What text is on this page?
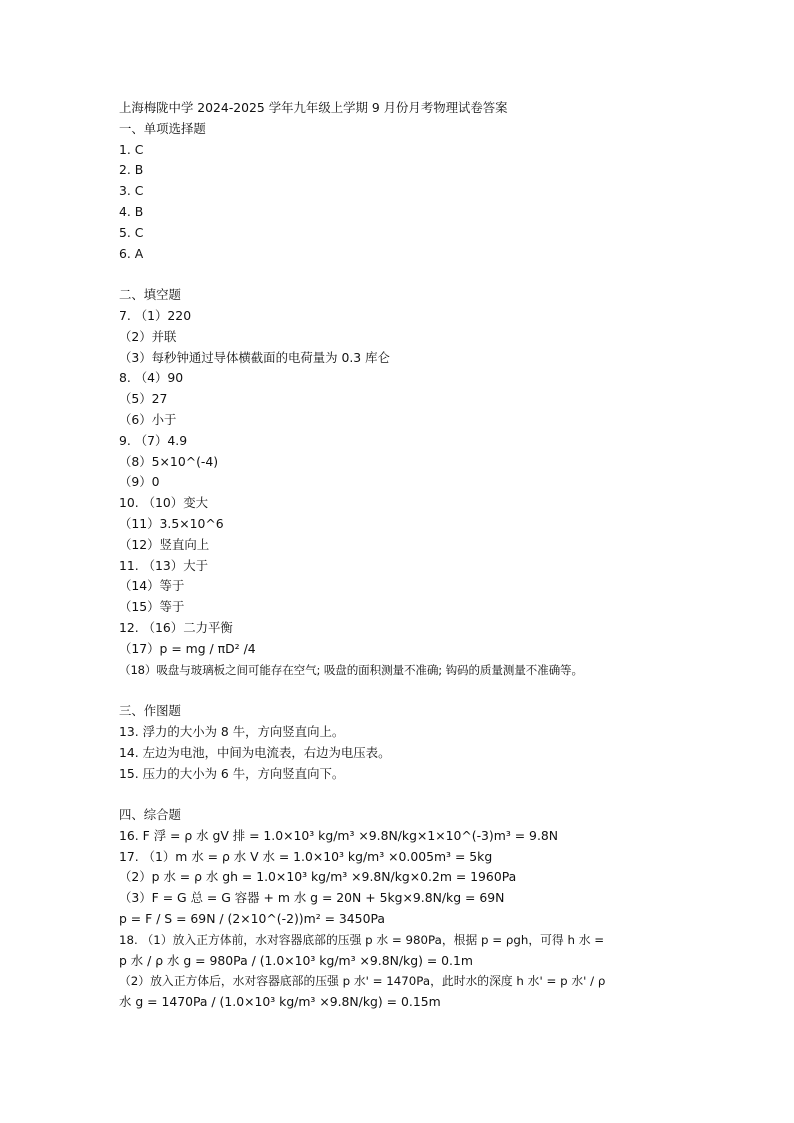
上海梅陇中学 2024-2025 学年九年级上学期 9 月份月考物理试卷答案
一、单项选择题
1. C
2. B
3. C
4. B
5. C
6. A
二、填空题
7. （1）220
（2）并联
（3）每秒钟通过导体横截面的电荷量为 0.3 库仑
8. （4）90
（5）27
（6）小于
9. （7）4.9
（8）5×10^(-4)
（9）0
10. （10）变大
（11）3.5×10^6
（12）竖直向上
11. （13）大于
（14）等于
（15）等于
12. （16）二力平衡
（17）p = mg / πD² /4
（18）吸盘与玻璃板之间可能存在空气; 吸盘的面积测量不准确; 钩码的质量测量不准确等。
三、作图题
13. 浮力的大小为 8 牛，方向竖直向上。
14. 左边为电池，中间为电流表，右边为电压表。
15. 压力的大小为 6 牛，方向竖直向下。
四、综合题
16. F 浮 = ρ 水 gV 排 = 1.0×10³ kg/m³ ×9.8N/kg×1×10^(-3)m³ = 9.8N
17. （1）m 水 = ρ 水 V 水 = 1.0×10³ kg/m³ ×0.005m³ = 5kg
（2）p 水 = ρ 水 gh = 1.0×10³ kg/m³ ×9.8N/kg×0.2m = 1960Pa
（3）F = G 总 = G 容器 + m 水 g = 20N + 5kg×9.8N/kg = 69N
p = F / S = 69N / (2×10^(-2))m² = 3450Pa
18. （1）放入正方体前，水对容器底部的压强 p 水 = 980Pa，根据 p = ρgh，可得 h 水 =
p 水 / ρ 水 g = 980Pa / (1.0×10³ kg/m³ ×9.8N/kg) = 0.1m
（2）放入正方体后，水对容器底部的压强 p 水' = 1470Pa，此时水的深度 h 水' = p 水' / ρ
水 g = 1470Pa / (1.0×10³ kg/m³ ×9.8N/kg) = 0.15m
